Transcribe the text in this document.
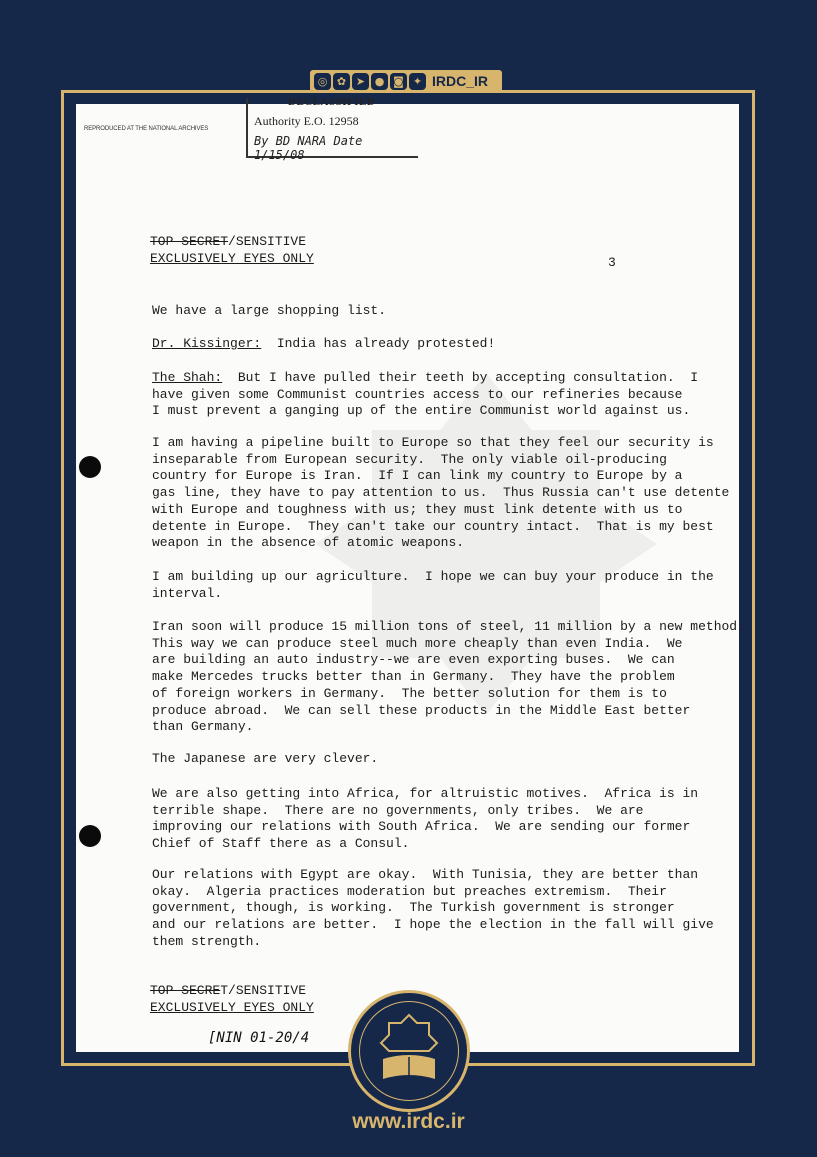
◎ ✿ ➤ ● ◙ ✦ IRDC_IR
REPRODUCED AT THE NATIONAL ARCHIVES
DECLASSIFIED
Authority E.O. 12958
By BD NARA Date 1/15/08
TOP SECRET/SENSITIVE
EXCLUSIVELY EYES ONLY	3
We have a large shopping list.
Dr. Kissinger:  India has already protested!
The Shah:  But I have pulled their teeth by accepting consultation.  I
have given some Communist countries access to our refineries because
I must prevent a ganging up of the entire Communist world against us.
I am having a pipeline built to Europe so that they feel our security is
inseparable from European security.  The only viable oil-producing
country for Europe is Iran.  If I can link my country to Europe by a
gas line, they have to pay attention to us.  Thus Russia can't use detente
with Europe and toughness with us; they must link detente with us to
detente in Europe.  They can't take our country intact.  That is my best
weapon in the absence of atomic weapons.
I am building up our agriculture.  I hope we can buy your produce in the
interval.
Iran soon will produce 15 million tons of steel, 11 million by a new method.
This way we can produce steel much more cheaply than even India.  We
are building an auto industry--we are even exporting buses.  We can
make Mercedes trucks better than in Germany.  They have the problem
of foreign workers in Germany.  The better solution for them is to
produce abroad.  We can sell these products in the Middle East better
than Germany.
The Japanese are very clever.
We are also getting into Africa, for altruistic motives.  Africa is in
terrible shape.  There are no governments, only tribes.  We are
improving our relations with South Africa.  We are sending our former
Chief of Staff there as a Consul.
Our relations with Egypt are okay.  With Tunisia, they are better than
okay.  Algeria practices moderation but preaches extremism.  Their
government, though, is working.  The Turkish government is stronger
and our relations are better.  I hope the election in the fall will give
them strength.
TOP SECRET/SENSITIVE
EXCLUSIVELY EYES ONLY
[NIN 01-20/4
www.irdc.ir
